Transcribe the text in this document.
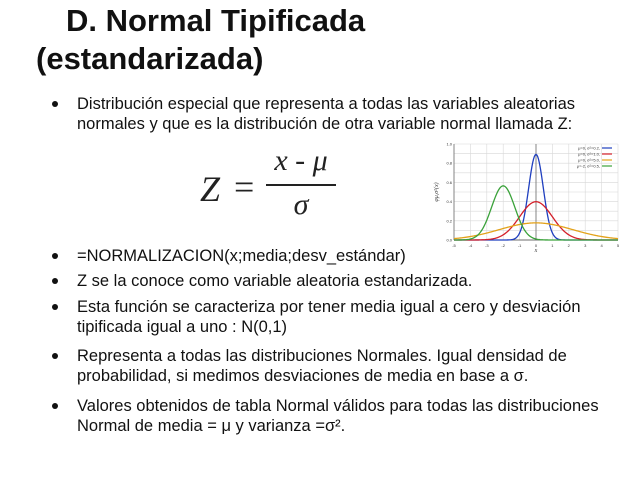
D. Normal Tipificada
(estandarizada)
Distribución especial que representa a todas las variables aleatorias normales y que es la distribución de otra variable normal llamada Z:
=NORMALIZACION(x;media;desv_estándar)
Z se la conoce como variable aleatoria estandarizada.
Esta función se caracteriza por tener media igual a cero y desviación tipificada igual a uno : N(0,1)
Representa a todas las distribuciones Normales. Igual densidad de probabilidad, si medimos desviaciones de media en base a σ.
Valores obtenidos de tabla Normal válidos para todas las distribuciones Normal de media = μ y varianza =σ².
Z =
x - μ
σ
-5	-4	-3	-2	-1	0	1	2	3	4	5
0.0
0.2
0.4
0.6
0.8
1.0
x
φμ,σ²(x)
μ=0, σ²=0.2,
μ=0, σ²=1.0,
μ=0, σ²=5.0,
μ=-2, σ²=0.5,
